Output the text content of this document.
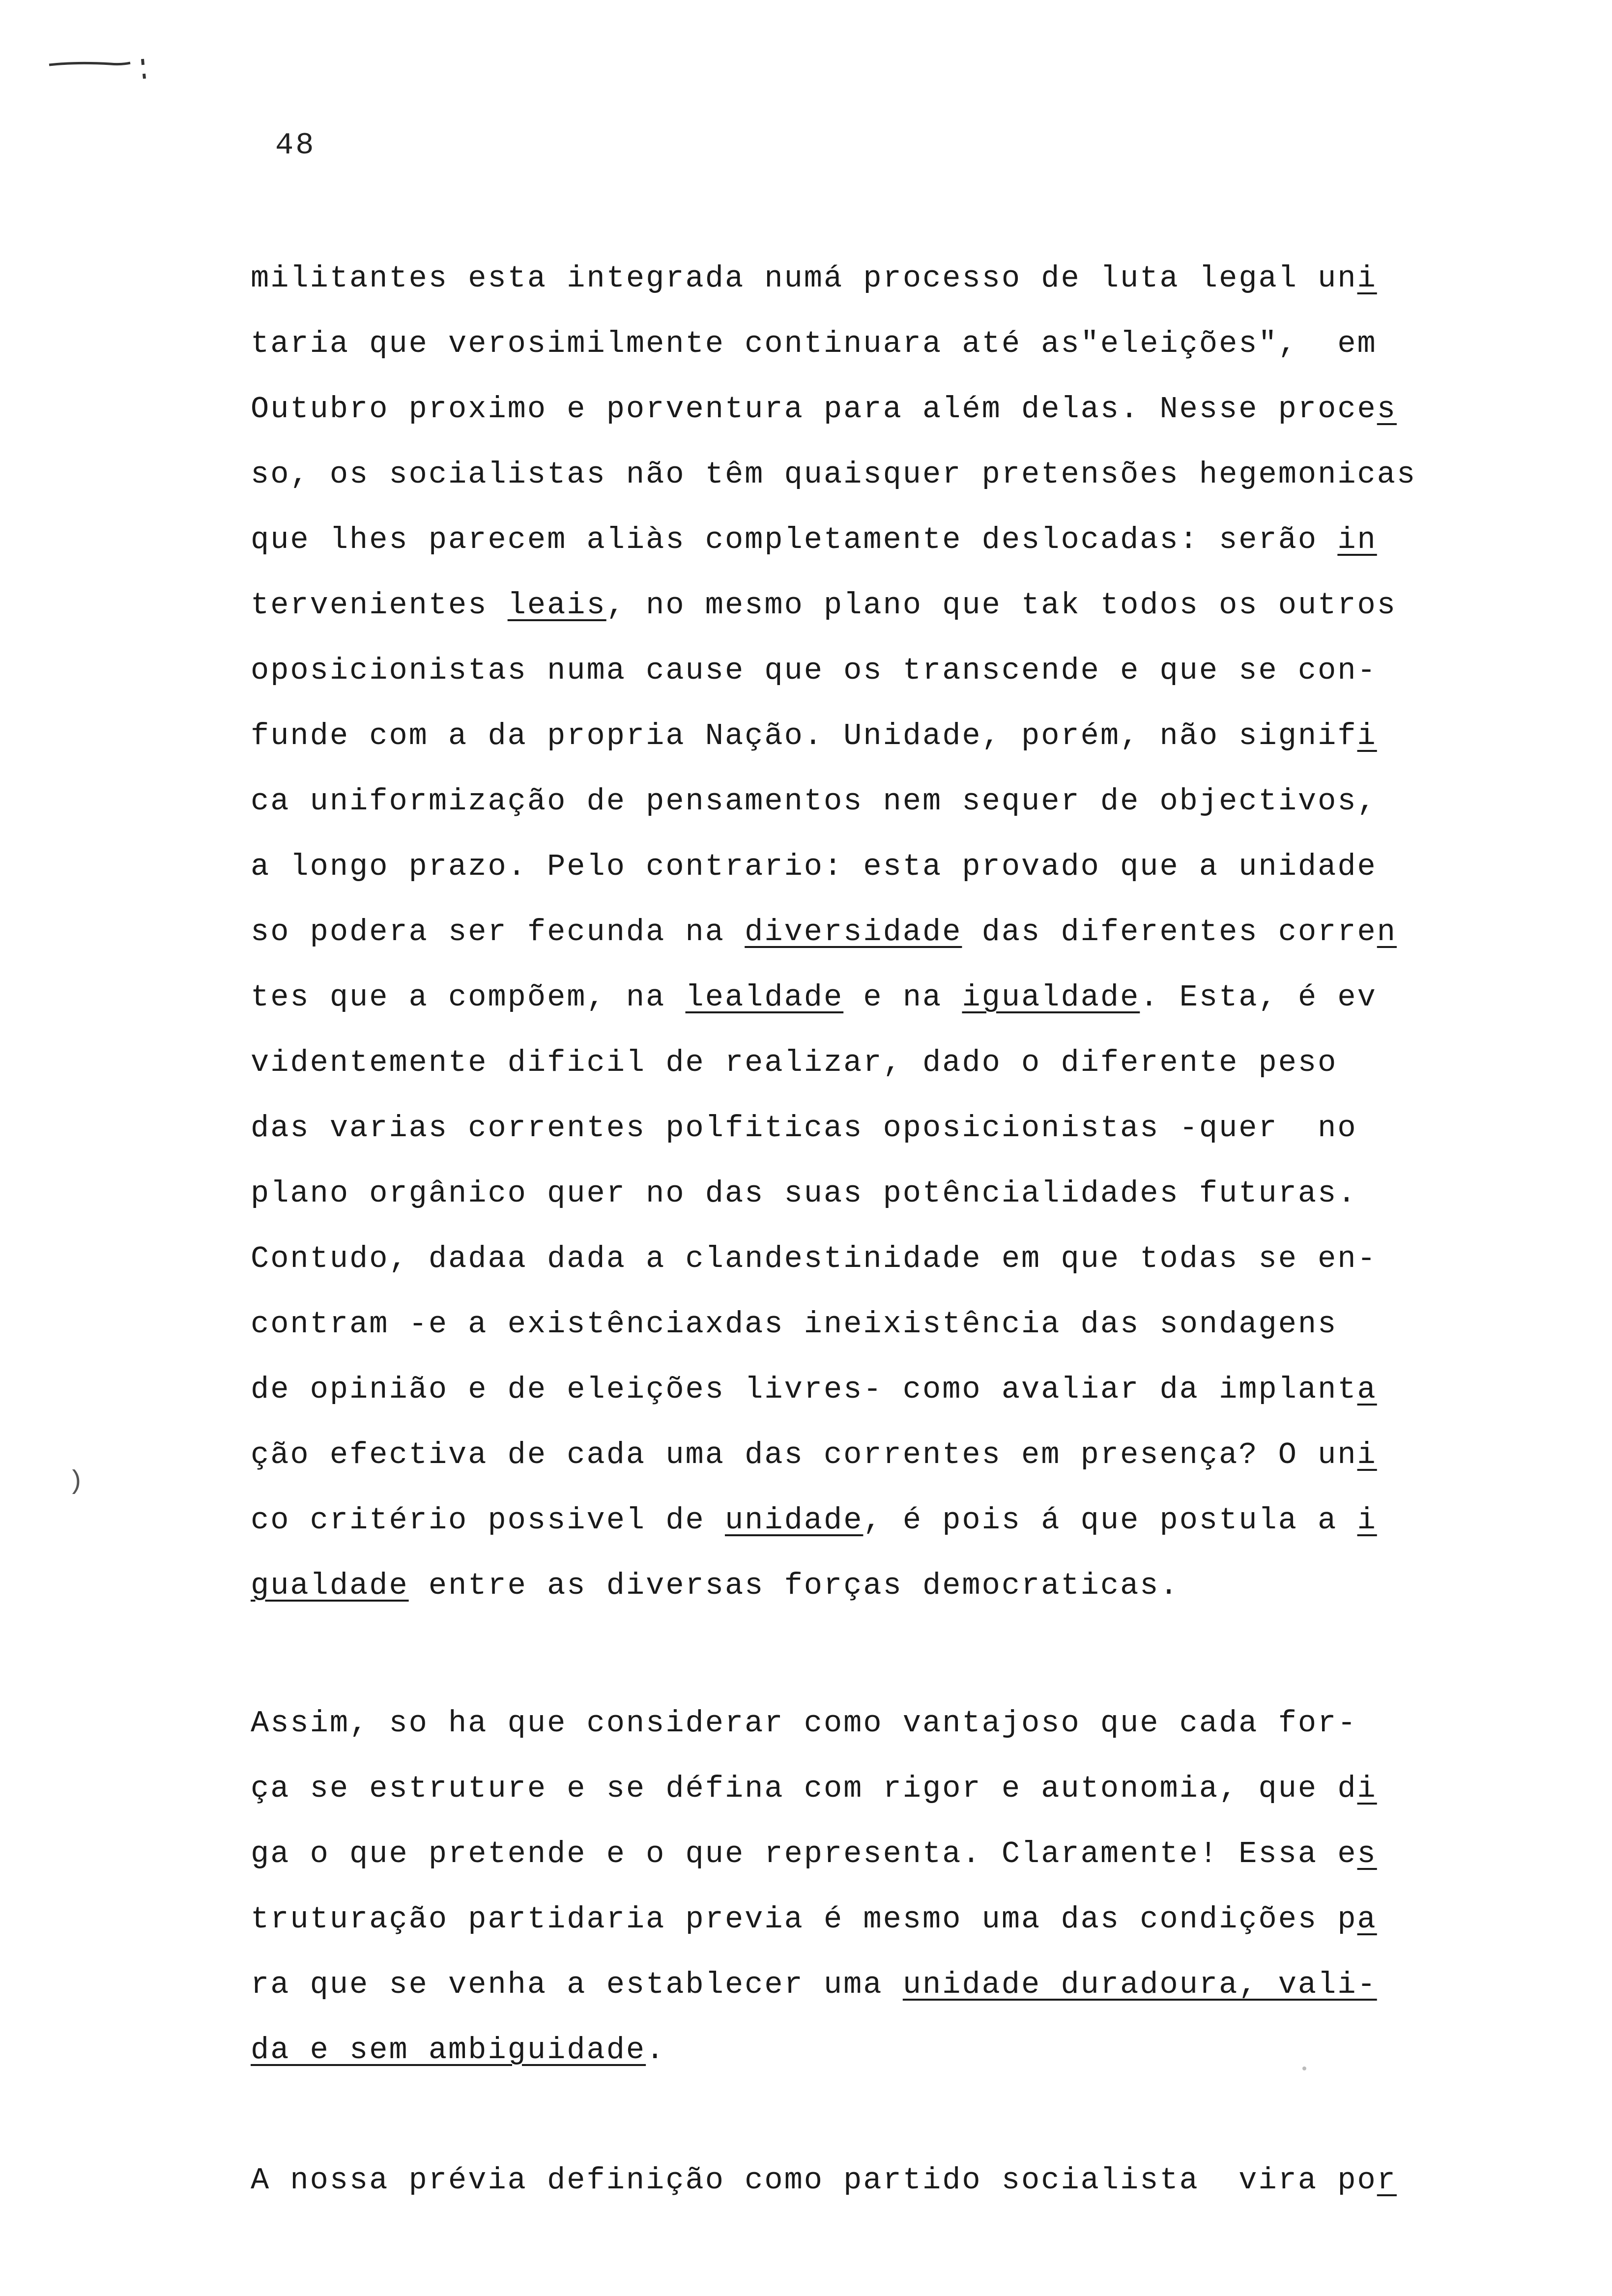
48
)
militantes esta integrada numá processo de luta legal uni
taria que verosimilmente continuara até as"eleições",  em
Outubro proximo e porventura para além delas. Nesse proces
so, os socialistas não têm quaisquer pretensões hegemonicas
que lhes parecem aliàs completamente deslocadas: serão in
tervenientes leais, no mesmo plano que tak todos os outros
oposicionistas numa cause que os transcende e que se con-
funde com a da propria Nação. Unidade, porém, não signifi
ca uniformização de pensamentos nem sequer de objectivos,
a longo prazo. Pelo contrario: esta provado que a unidade
so podera ser fecunda na diversidade das diferentes corren
tes que a compõem, na lealdade e na igualdade. Esta, é ev
videntemente dificil de realizar, dado o diferente peso
das varias correntes polfiticas oposicionistas -quer  no
plano orgânico quer no das suas potêncialidades futuras.
Contudo, dadaa dada a clandestinidade em que todas se en-
contram -e a existênciaxdas ineixistência das sondagens
de opinião e de eleições livres- como avaliar da implanta
ção efectiva de cada uma das correntes em presença? O uni
co critério possivel de unidade, é pois á que postula a i
gualdade entre as diversas forças democraticas.
Assim, so ha que considerar como vantajoso que cada for-
ça se estruture e se défina com rigor e autonomia, que di
ga o que pretende e o que representa. Claramente! Essa es
truturação partidaria previa é mesmo uma das condições pa
ra que se venha a establecer uma unidade duradoura, vali-
da e sem ambiguidade.
A nossa prévia definição como partido socialista  vira por
